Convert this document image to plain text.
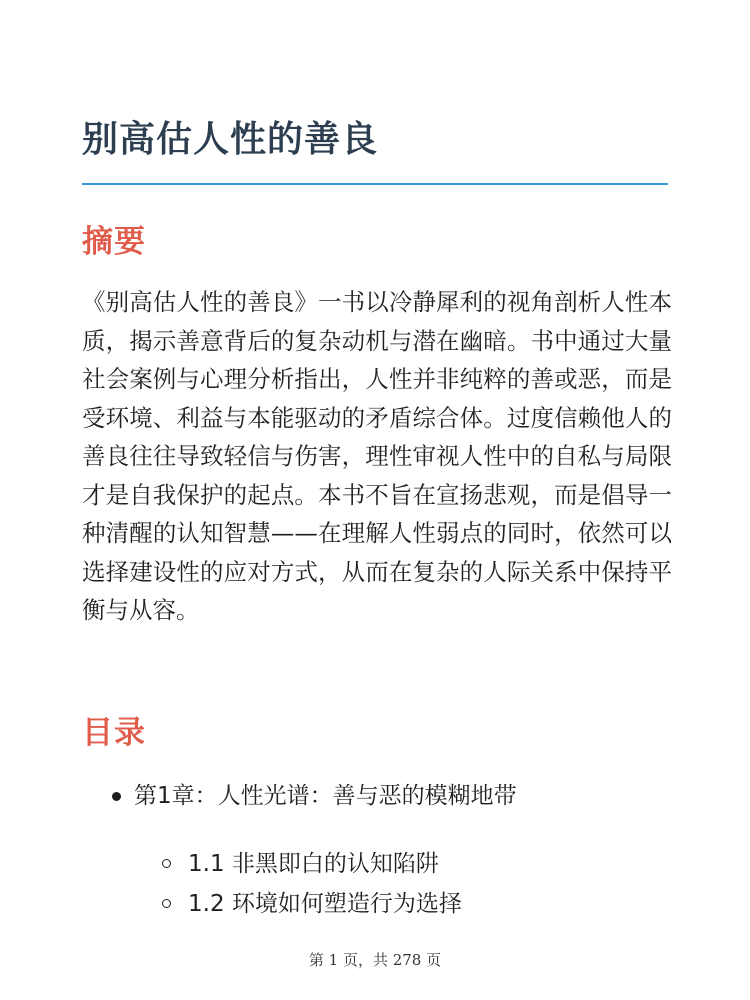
别高估人性的善良
摘要

《别高估人性的善良》一书以冷静犀利的视角剖析人性本质，揭示善意背后的复杂动机与潜在幽暗。书中通过大量社会案例与心理分析指出，人性并非纯粹的善或恶，而是受环境、利益与本能驱动的矛盾综合体。过度信赖他人的善良往往导致轻信与伤害，理性审视人性中的自私与局限才是自我保护的起点。本书不旨在宣扬悲观，而是倡导一种清醒的认知智慧——在理解人性弱点的同时，依然可以选择建设性的应对方式，从而在复杂的人际关系中保持平衡与从容。

目录
第1章：人性光谱：善与恶的模糊地带
1.1 非黑即白的认知陷阱
1.2 环境如何塑造行为选择
第 1 页，共 278 页
